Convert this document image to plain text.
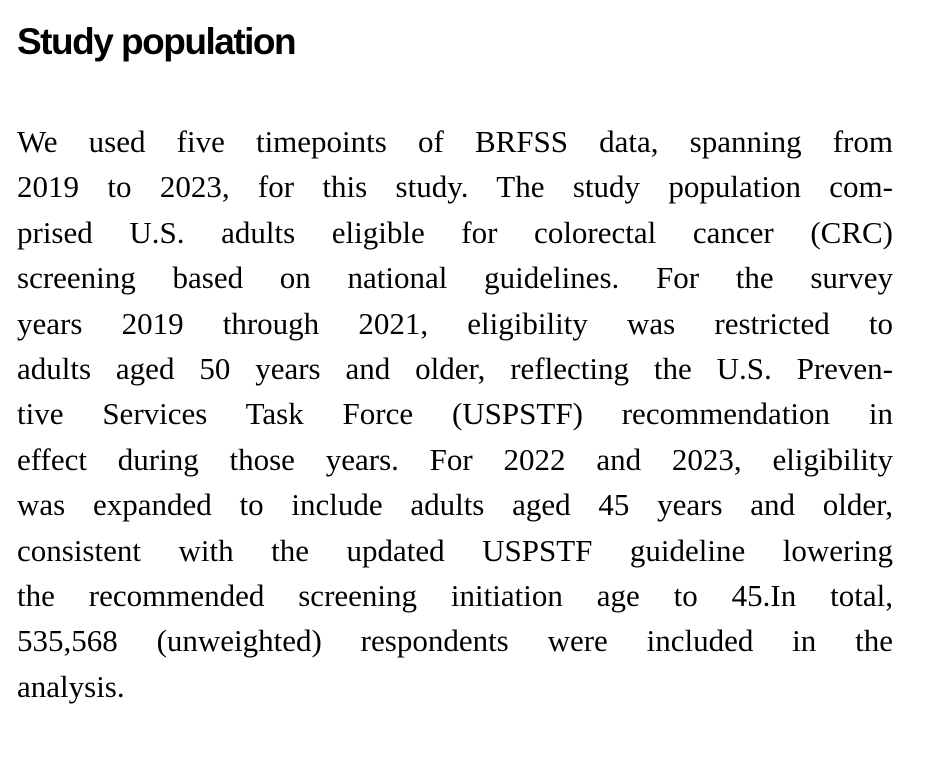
Study population
We used five timepoints of BRFSS data, spanning from
2019 to 2023, for this study. The study population com-
prised U.S. adults eligible for colorectal cancer (CRC)
screening based on national guidelines. For the survey
years 2019 through 2021, eligibility was restricted to
adults aged 50 years and older, reflecting the U.S. Preven-
tive Services Task Force (USPSTF) recommendation in
effect during those years. For 2022 and 2023, eligibility
was expanded to include adults aged 45 years and older,
consistent with the updated USPSTF guideline lowering
the recommended screening initiation age to 45.In total,
535,568 (unweighted) respondents were included in the
analysis.
